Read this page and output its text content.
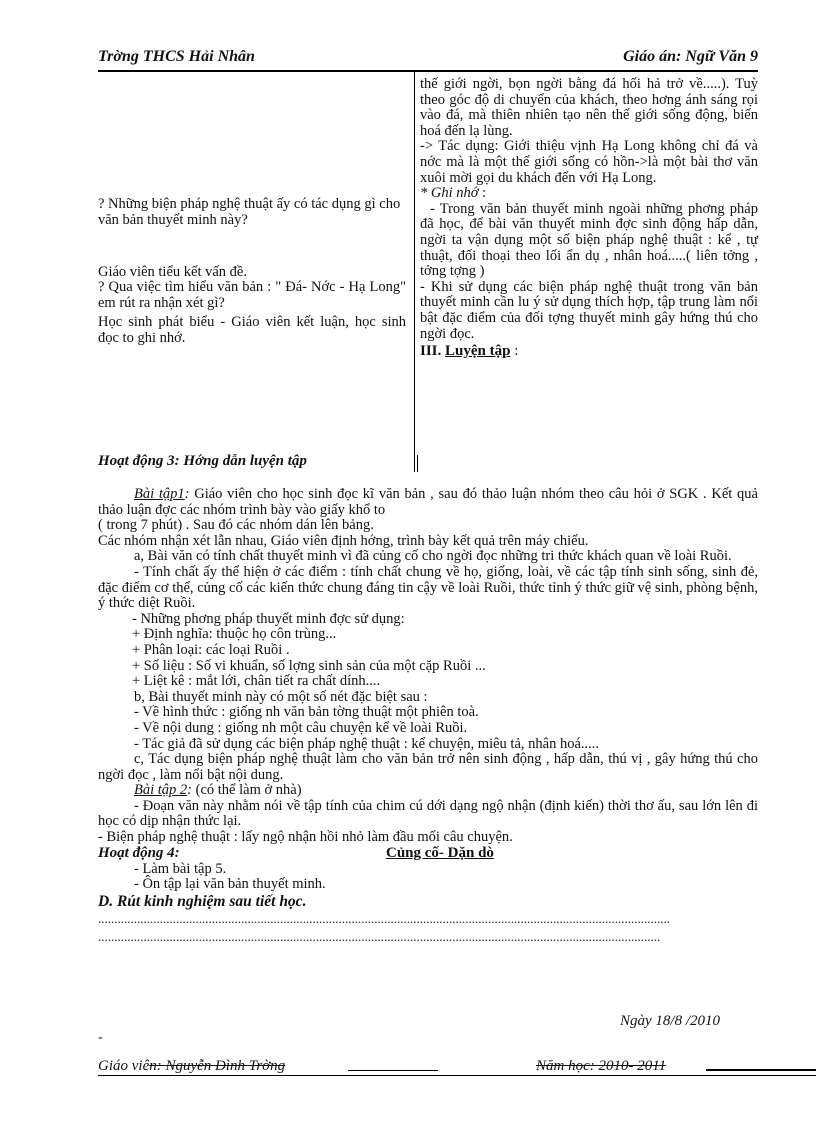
Trờng THCS Hải Nhân	Giáo án: Ngữ Văn 9

? Những biện pháp nghệ thuật ấy có tác dụng gì cho văn bản thuyết minh này?

Giáo viên tiểu kết vấn đề.

? Qua việc tìm hiểu văn bản : " Đá- Nớc - Hạ Long" em rút ra nhận xét gì?

Học sinh phát biểu - Giáo viên kết luận, học sinh đọc to ghi nhớ.

Hoạt động 3: Hớng dẫn luyện tập

thế giới ngời, bọn ngời bằng đá hối hả trở về.....). Tuỳ theo góc độ di chuyển của khách, theo hơng ánh sáng rọi vào đá, mà thiên nhiên tạo nên thế giới sống động, biến hoá đến lạ lùng.

-> Tác dụng: Giới thiệu vịnh Hạ Long không chỉ đá và nớc mà là một thế giới sống có hồn->là một bài thơ văn xuôi mời gọi du khách đến với Hạ Long.

* Ghi nhớ :

- Trong văn bản thuyết minh ngoài những phơng pháp đã học, để bài văn thuyết minh đợc sinh động hấp dẫn, ngời ta vận dụng một số biện pháp nghệ thuật : kể , tự thuật, đối thoại theo lối ẩn dụ , nhân hoá.....( liên tởng , tởng tợng )

- Khi sử dụng các biện pháp nghệ thuật trong văn bản thuyết minh cần lu ý sử dụng thích hợp, tập trung làm nổi bật đặc điểm của đối tợng thuyết minh gây hứng thú cho ngời đọc.

III. Luyện tập :

Bài tập1: Giáo viên cho học sinh đọc kĩ văn bản , sau đó thảo luận nhóm theo câu hỏi ở SGK . Kết quả thảo luận đợc các nhóm trình bày vào giấy khổ to

( trong 7 phút) . Sau đó các nhóm dán lên bảng.

Các nhóm nhận xét lẫn nhau, Giáo viên định hớng, trình bày kết quả trên máy chiếu.

a, Bài văn có tính chất thuyết minh vì đã củng cố cho ngời đọc những tri thức khách quan về loài Ruồi.

- Tính chất ấy thể hiện ở các điểm : tính chất chung về họ, giống, loài, về các tập tính sinh sống, sinh đẻ, đặc điểm cơ thể, củng cố các kiến thức chung đáng tin cậy về loài Ruồi, thức tỉnh ý thức giữ vệ sinh, phòng bệnh, ý thức diệt Ruồi.

- Những phơng pháp thuyết minh đợc sử dụng:

+ Định nghĩa: thuộc họ côn trùng...

+ Phân loại: các loại Ruồi .

+ Số liệu : Số vi khuẩn, số lợng sinh sản của một cặp Ruồi ...

+ Liệt kê : mắt lới, chân tiết ra chất dính....

b, Bài thuyết minh này có một số nét đặc biệt sau :

- Về hình thức : giống nh văn bản tờng thuật một phiên toà.

- Về nội dung : giống nh một câu chuyện kể về loài Ruồi.

- Tác giả đã sử dụng các biện pháp nghệ thuật : kể chuyện, miêu tả, nhân hoá.....

c, Tác dụng biện pháp nghệ thuật làm cho văn bản trở nên sinh động , hấp dẫn, thú vị , gây hứng thú cho ngời đọc , làm nổi bật nội dung.

Bài tập 2: (có thể làm ở nhà)

- Đoạn văn này nhằm nói về tập tính của chim cú dới dạng ngộ nhận (định kiến) thời thơ ấu, sau lớn lên đi học có dịp nhận thức lại.

- Biện pháp nghệ thuật : lấy ngộ nhận hồi nhỏ làm đầu mối câu chuyện.

Hoạt động 4:	Củng cố- Dặn dò

- Làm bài tập 5.

- Ôn tập lại văn bản thuyết minh.

D. Rút kinh nghiệm sau tiết học.

................................................................................................................................................................................

.............................................................................................................................................................................

Ngày 18/8 /2010
-
Giáo viên: Nguyễn Đình Trờng	Năm học: 2010- 2011
